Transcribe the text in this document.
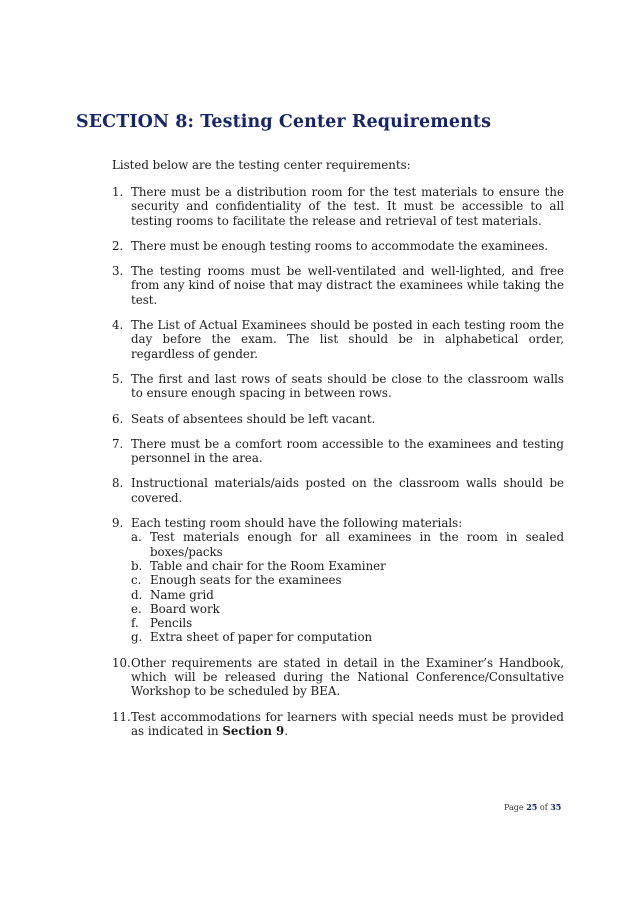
SECTION 8: Testing Center Requirements

Listed below are the testing center requirements:

1. There must be a distribution room for the test materials to ensure the security and confidentiality of the test. It must be accessible to all testing rooms to facilitate the release and retrieval of test materials.
2. There must be enough testing rooms to accommodate the examinees.
3. The testing rooms must be well-ventilated and well-lighted, and free from any kind of noise that may distract the examinees while taking the test.
4. The List of Actual Examinees should be posted in each testing room the day before the exam. The list should be in alphabetical order, regardless of gender.
5. The first and last rows of seats should be close to the classroom walls to ensure enough spacing in between rows.
6. Seats of absentees should be left vacant.
7. There must be a comfort room accessible to the examinees and testing personnel in the area.
8. Instructional materials/aids posted on the classroom walls should be covered.
9. Each testing room should have the following materials:
a. Test materials enough for all examinees in the room in sealed boxes/packs
b. Table and chair for the Room Examiner
c. Enough seats for the examinees
d. Name grid
e. Board work
f. Pencils
g. Extra sheet of paper for computation
10. Other requirements are stated in detail in the Examiner’s Handbook, which will be released during the National Conference/Consultative Workshop to be scheduled by BEA.
11. Test accommodations for learners with special needs must be provided as indicated in Section 9.
Page 25 of 35
